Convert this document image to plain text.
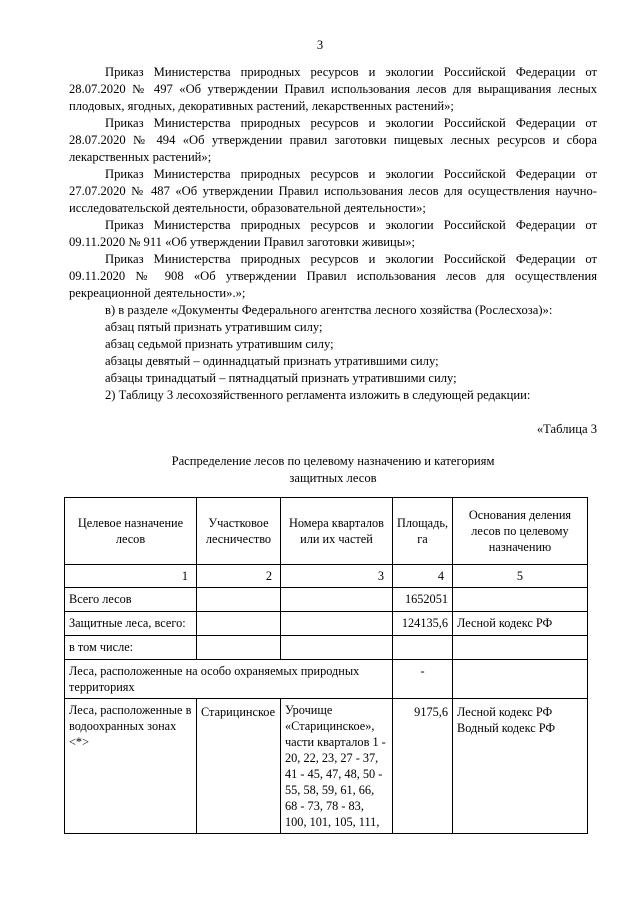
3

Приказ Министерства природных ресурсов и экологии Российской Федерации от 28.07.2020 № 497 «Об утверждении Правил использования лесов для выращивания лесных плодовых, ягодных, декоративных растений, лекарственных растений»;

Приказ Министерства природных ресурсов и экологии Российской Федерации от 28.07.2020 № 494 «Об утверждении правил заготовки пищевых лесных ресурсов и сбора лекарственных растений»;

Приказ Министерства природных ресурсов и экологии Российской Федерации от 27.07.2020 № 487 «Об утверждении Правил использования лесов для осуществления научно-исследовательской деятельности, образовательной деятельности»;

Приказ Министерства природных ресурсов и экологии Российской Федерации от 09.11.2020 № 911 «Об утверждении Правил заготовки живицы»;

Приказ Министерства природных ресурсов и экологии Российской Федерации от 09.11.2020 № 908 «Об утверждении Правил использования лесов для осуществления рекреационной деятельности».»;

в) в разделе «Документы Федерального агентства лесного хозяйства (Рослесхоза)»:

абзац пятый признать утратившим силу;

абзац седьмой признать утратившим силу;

абзацы девятый – одиннадцатый признать утратившими силу;

абзацы тринадцатый – пятнадцатый признать утратившими силу;

2) Таблицу 3 лесохозяйственного регламента изложить в следующей редакции:

«Таблица 3
Распределение лесов по целевому назначению и категориям
защитных лесов
Целевое назначение лесов	Участковое лесничество	Номера кварталов или их частей	Площадь, га	Основания деления лесов по целевому назначению
1	2	3	4	5
Всего лесов			1652051	
Защитные леса, всего:			124135,6	Лесной кодекс РФ
в том числе:				
Леса, расположенные на особо охраняемых природных территориях			-	
Леса, расположенные в водоохранных зонах <*>	Старицинское	Урочище «Старицинское», части кварталов 1 - 20, 22, 23, 27 - 37, 41 - 45, 47, 48, 50 - 55, 58, 59, 61, 66, 68 - 73, 78 - 83, 100, 101, 105, 111,	9175,6	Лесной кодекс РФ Водный кодекс РФ
